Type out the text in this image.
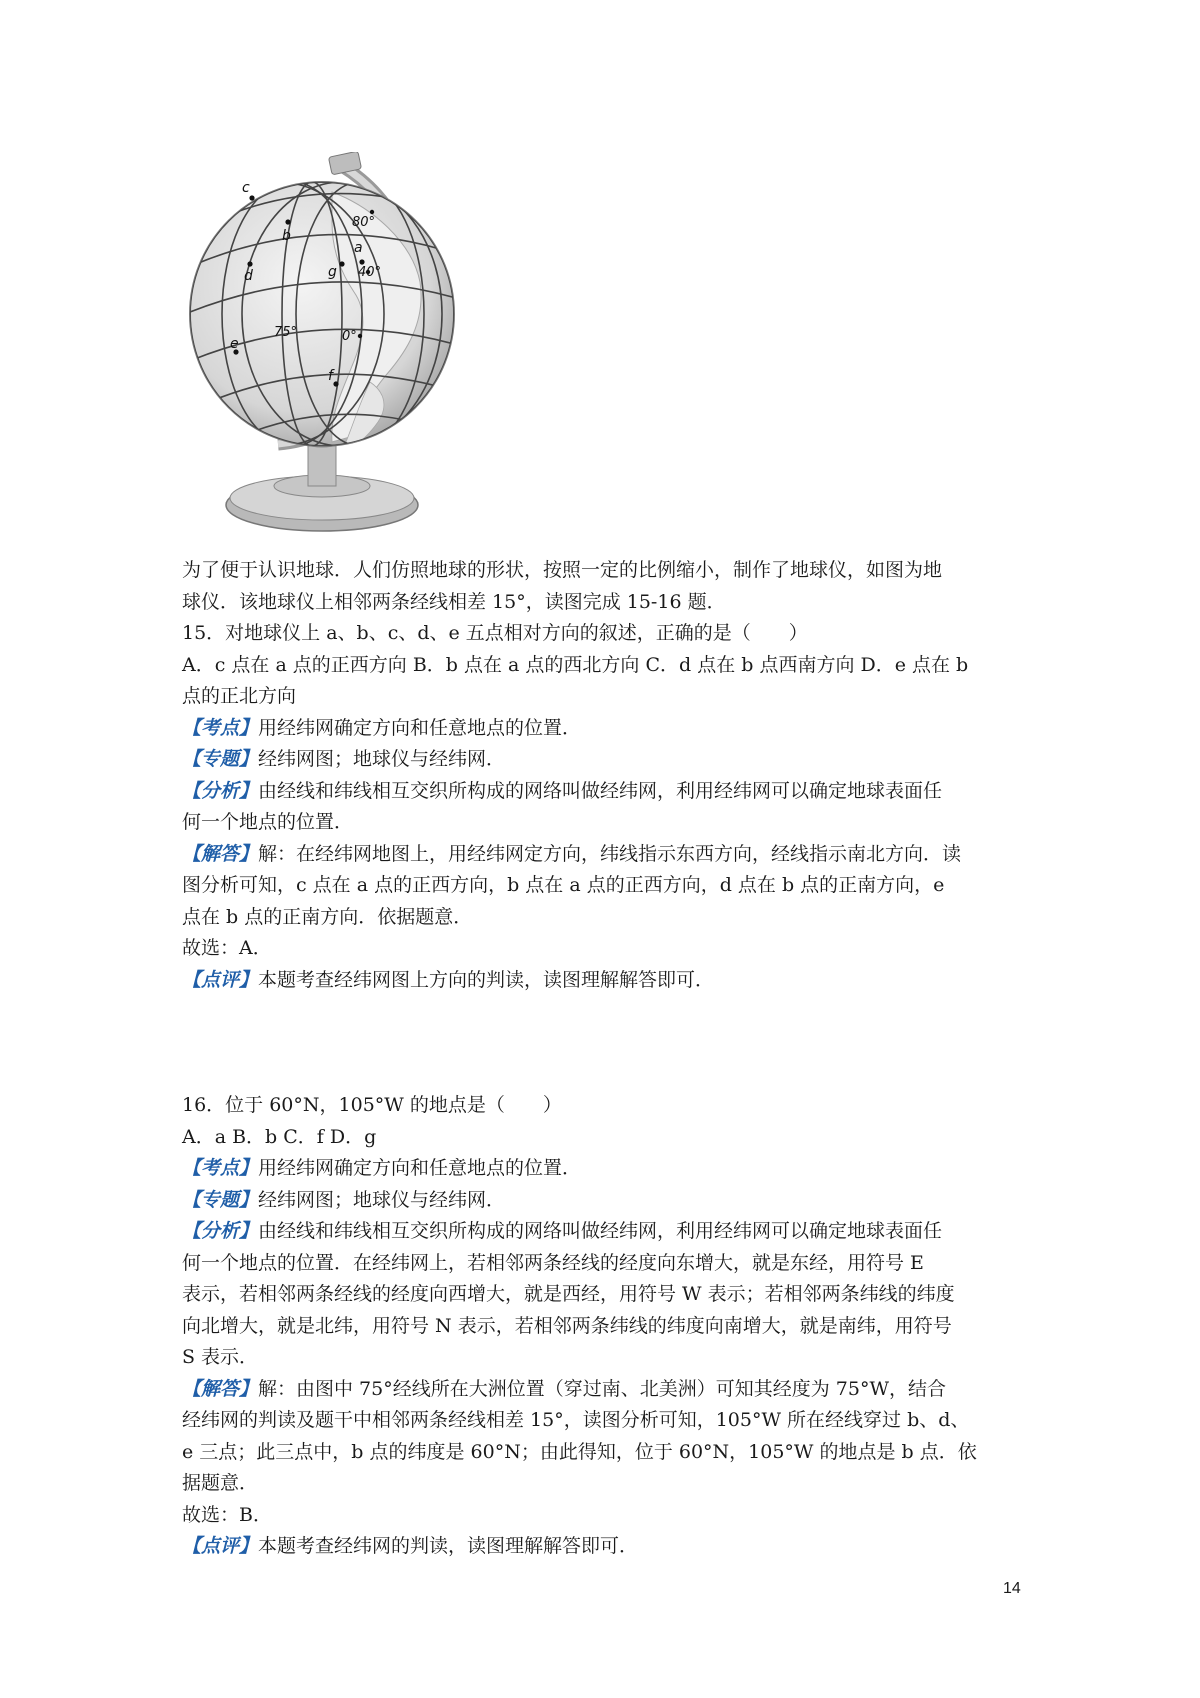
c
b
80°
a
d	g 40°
75°	0°
e
f

为了便于认识地球．人们仿照地球的形状，按照一定的比例缩小，制作了地球仪，如图为地

球仪．该地球仪上相邻两条经线相差 15°，读图完成 15-16 题．

15．对地球仪上 a、b、c、d、e 五点相对方向的叙述，正确的是（　　）

A．c 点在 a 点的正西方向 B．b 点在 a 点的西北方向 C．d 点在 b 点西南方向 D．e 点在 b

点的正北方向

【考点】用经纬网确定方向和任意地点的位置．

【专题】经纬网图；地球仪与经纬网．

【分析】由经线和纬线相互交织所构成的网络叫做经纬网，利用经纬网可以确定地球表面任

何一个地点的位置．

【解答】解：在经纬网地图上，用经纬网定方向，纬线指示东西方向，经线指示南北方向．读

图分析可知，c 点在 a 点的正西方向，b 点在 a 点的正西方向，d 点在 b 点的正南方向，e

点在 b 点的正南方向．依据题意．

故选：A．

【点评】本题考查经纬网图上方向的判读，读图理解解答即可．

16．位于 60°N，105°W 的地点是（　　）

A．a B．b C．f D．g

【考点】用经纬网确定方向和任意地点的位置．

【专题】经纬网图；地球仪与经纬网．

【分析】由经线和纬线相互交织所构成的网络叫做经纬网，利用经纬网可以确定地球表面任

何一个地点的位置．在经纬网上，若相邻两条经线的经度向东增大，就是东经，用符号 E

表示，若相邻两条经线的经度向西增大，就是西经，用符号 W 表示；若相邻两条纬线的纬度

向北增大，就是北纬，用符号 N 表示，若相邻两条纬线的纬度向南增大，就是南纬，用符号

S 表示．

【解答】解：由图中 75°经线所在大洲位置（穿过南、北美洲）可知其经度为 75°W，结合

经纬网的判读及题干中相邻两条经线相差 15°，读图分析可知，105°W 所在经线穿过 b、d、

e 三点；此三点中，b 点的纬度是 60°N；由此得知，位于 60°N，105°W 的地点是 b 点．依

据题意．

故选：B．

【点评】本题考查经纬网的判读，读图理解解答即可．

14
